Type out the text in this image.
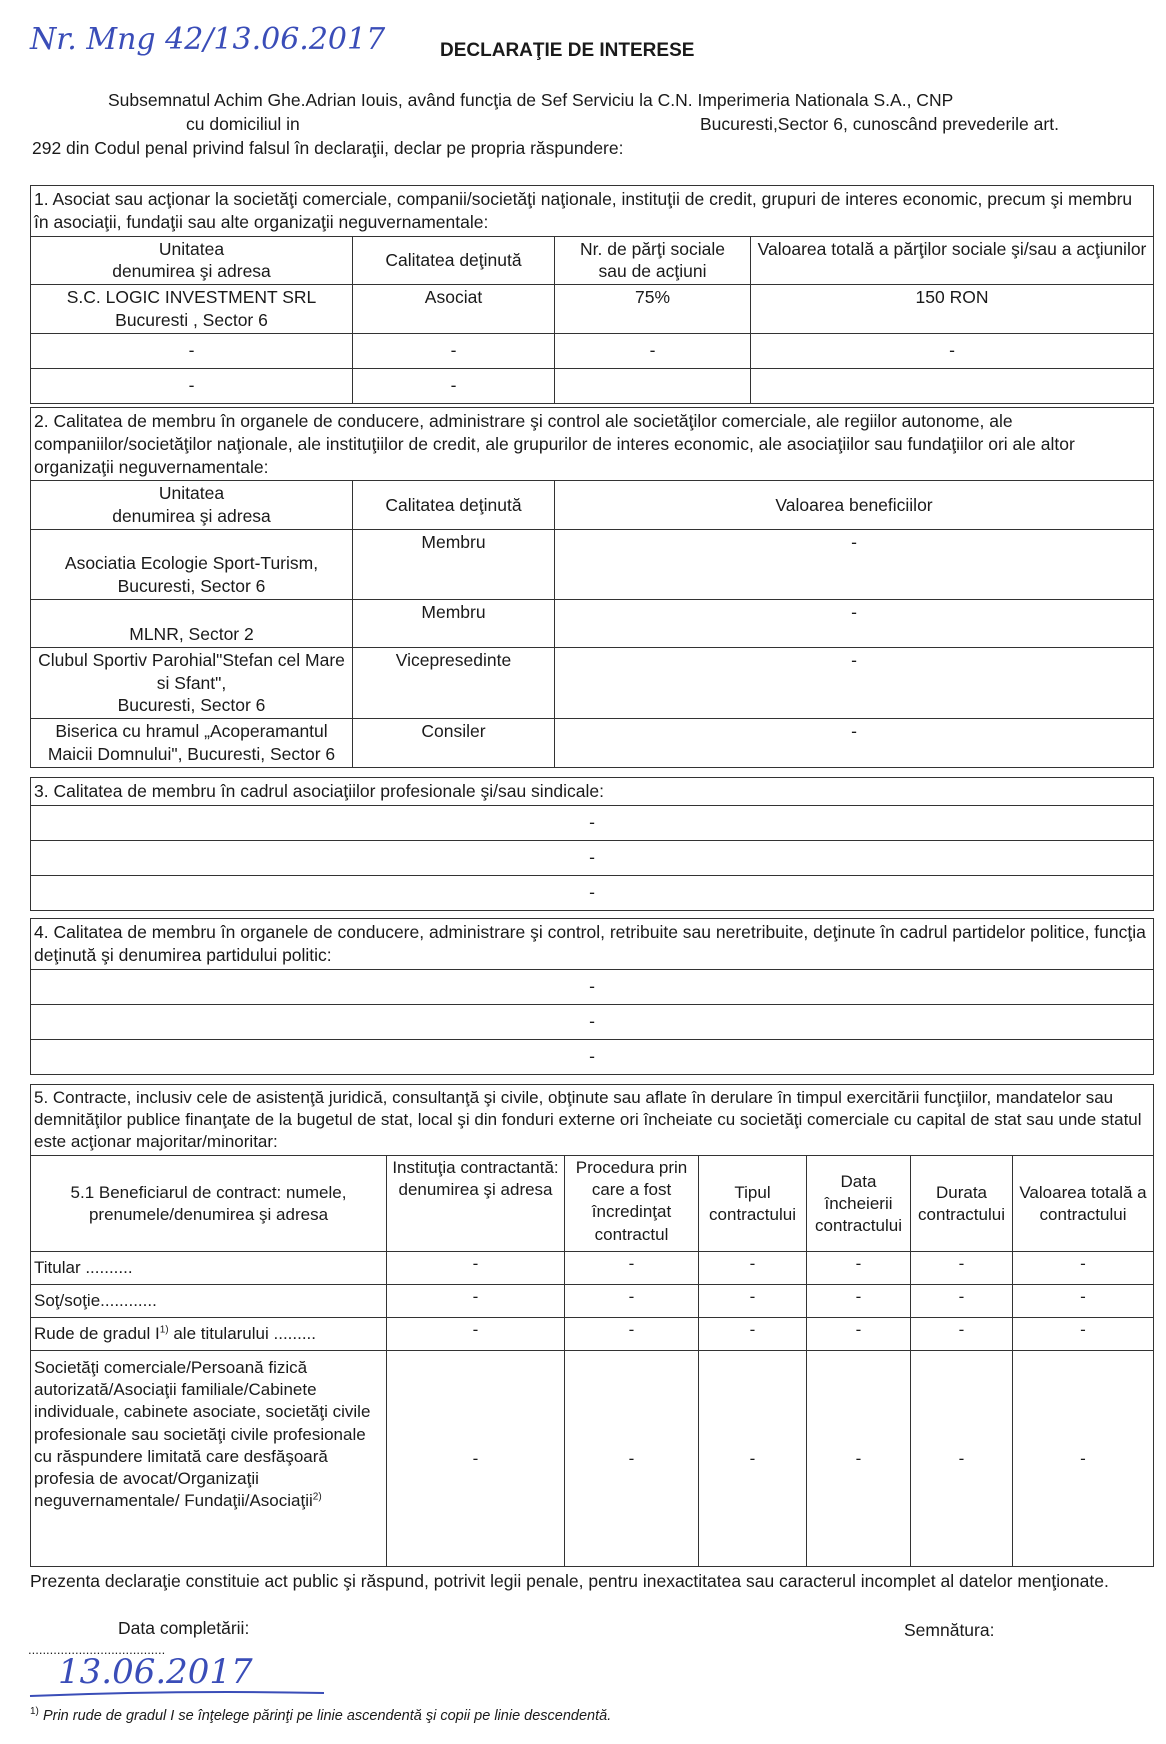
Nr. Mng 42/13.06.2017	DECLARAŢIE DE INTERESE
Subsemnatul Achim Ghe.Adrian Iouis, având funcţia de Sef Serviciu la C.N. Imperimeria Nationala S.A., CNP
cu domiciliul in	Bucuresti,Sector 6, cunoscând prevederile art.
292 din Codul penal privind falsul în declaraţii, declar pe propria răspundere:
1. Asociat sau acţionar la societăţi comerciale, companii/societăţi naţionale, instituţii de credit, grupuri de interes economic, precum şi membru în asociaţii, fundaţii sau alte organizaţii neguvernamentale:
Unitatea
denumirea şi adresa	Calitatea deţinută	Nr. de părţi sociale
sau de acţiuni	Valoarea totală a părţilor sociale şi/sau a acţiunilor
S.C. LOGIC INVESTMENT SRL
Bucuresti , Sector 6	Asociat	75%	150 RON
-	-	-	-
-	-		
2. Calitatea de membru în organele de conducere, administrare şi control ale societăţilor comerciale, ale regiilor autonome, ale companiilor/societăţilor naţionale, ale instituţiilor de credit, ale grupurilor de interes economic, ale asociaţiilor sau fundaţiilor ori ale altor organizaţii neguvernamentale:
Unitatea
denumirea şi adresa	Calitatea deţinută	Valoarea beneficiilor
Asociatia Ecologie Sport-Turism,
Bucuresti, Sector 6	Membru	-
MLNR, Sector 2	Membru	-
Clubul Sportiv Parohial"Stefan cel Mare si Sfant",
Bucuresti, Sector 6	Vicepresedinte	-
Biserica cu hramul „Acoperamantul Maicii Domnului", Bucuresti, Sector 6	Consiler	-
3. Calitatea de membru în cadrul asociaţiilor profesionale şi/sau sindicale:
-
-
-
4. Calitatea de membru în organele de conducere, administrare şi control, retribuite sau neretribuite, deţinute în cadrul partidelor politice, funcţia deţinută şi denumirea partidului politic:
-
-
-
5. Contracte, inclusiv cele de asistenţă juridică, consultanţă şi civile, obţinute sau aflate în derulare în timpul exercitării funcţiilor, mandatelor sau demnităţilor publice finanţate de la bugetul de stat, local şi din fonduri externe ori încheiate cu societăţi comerciale cu capital de stat sau unde statul este acţionar majoritar/minoritar:
5.1 Beneficiarul de contract: numele, prenumele/denumirea şi adresa	Instituţia contractantă: denumirea şi adresa	Procedura prin care a fost încredinţat contractul	Tipul contractului	Data încheierii contractului	Durata contractului	Valoarea totală a contractului
Titular ..........	-	-	-	-	-	-
Soţ/soţie............	-	-	-	-	-	-
Rude de gradul $I^{1)}$ ale titularului .........	-	-	-	-	-	-
Societăţi comerciale/Persoană fizică autorizată/Asociaţii familiale/Cabinete individuale, cabinete asociate, societăţi civile profesionale sau societăţi civile profesionale cu răspundere limitată care desfăşoară profesia de avocat/Organizaţii neguvernamentale/ Fundaţii/Asociaţii$^{2)}$	-	-	-	-	-	-
Prezenta declaraţie constituie act public şi răspund, potrivit legii penale, pentru inexactitatea sau caracterul incomplet al datelor menţionate.
Data completării:
......................................
13.06.2017
Semnătura:
$^{1)}$ Prin rude de gradul I se înţelege părinţi pe linie ascendentă şi copii pe linie descendentă.
